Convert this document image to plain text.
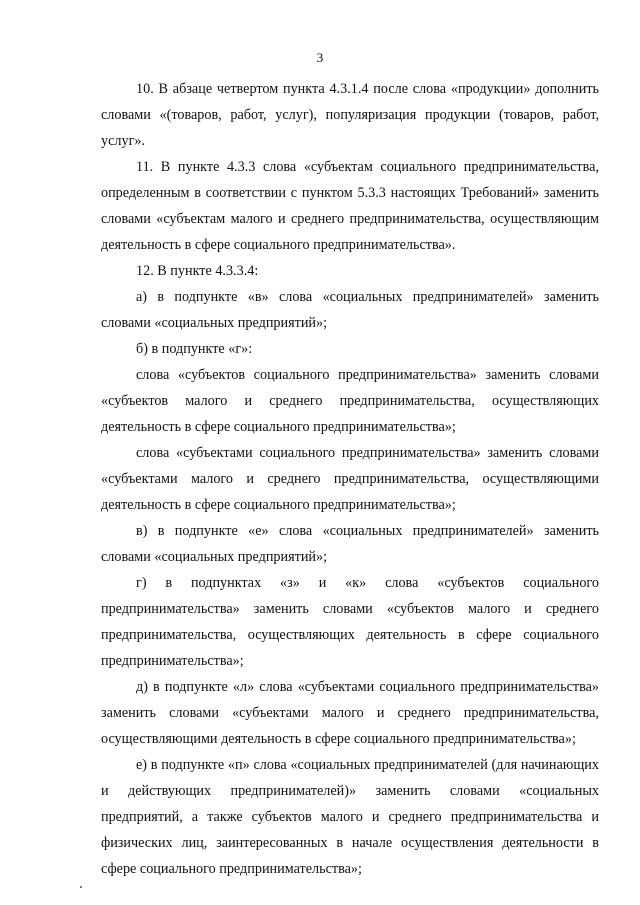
3

10. В абзаце четвертом пункта 4.3.1.4 после слова «продукции» дополнить словами «(товаров, работ, услуг), популяризация продукции (товаров, работ, услуг».

11. В пункте 4.3.3 слова «субъектам социального предпринимательства, определенным в соответствии с пунктом 5.3.3 настоящих Требований» заменить словами «субъектам малого и среднего предпринимательства, осуществляющим деятельность в сфере социального предпринимательства».

12. В пункте 4.3.3.4:

а) в подпункте «в» слова «социальных предпринимателей» заменить словами «социальных предприятий»;

б) в подпункте «г»:

слова «субъектов социального предпринимательства» заменить словами «субъектов малого и среднего предпринимательства, осуществляющих деятельность в сфере социального предпринимательства»;

слова «субъектами социального предпринимательства» заменить словами «субъектами малого и среднего предпринимательства, осуществляющими деятельность в сфере социального предпринимательства»;

в) в подпункте «е» слова «социальных предпринимателей» заменить словами «социальных предприятий»;

г) в подпунктах «з» и «к» слова «субъектов социального предпринимательства» заменить словами «субъектов малого и среднего предпринимательства, осуществляющих деятельность в сфере социального предпринимательства»;

д) в подпункте «л» слова «субъектами социального предпринимательства» заменить словами «субъектами малого и среднего предпринимательства, осуществляющими деятельность в сфере социального предпринимательства»;

е) в подпункте «п» слова «социальных предпринимателей (для начинающих и действующих предпринимателей)» заменить словами «социальных предприятий, а также субъектов малого и среднего предпринимательства и физических лиц, заинтересованных в начале осуществления деятельности в сфере социального предпринимательства»;
